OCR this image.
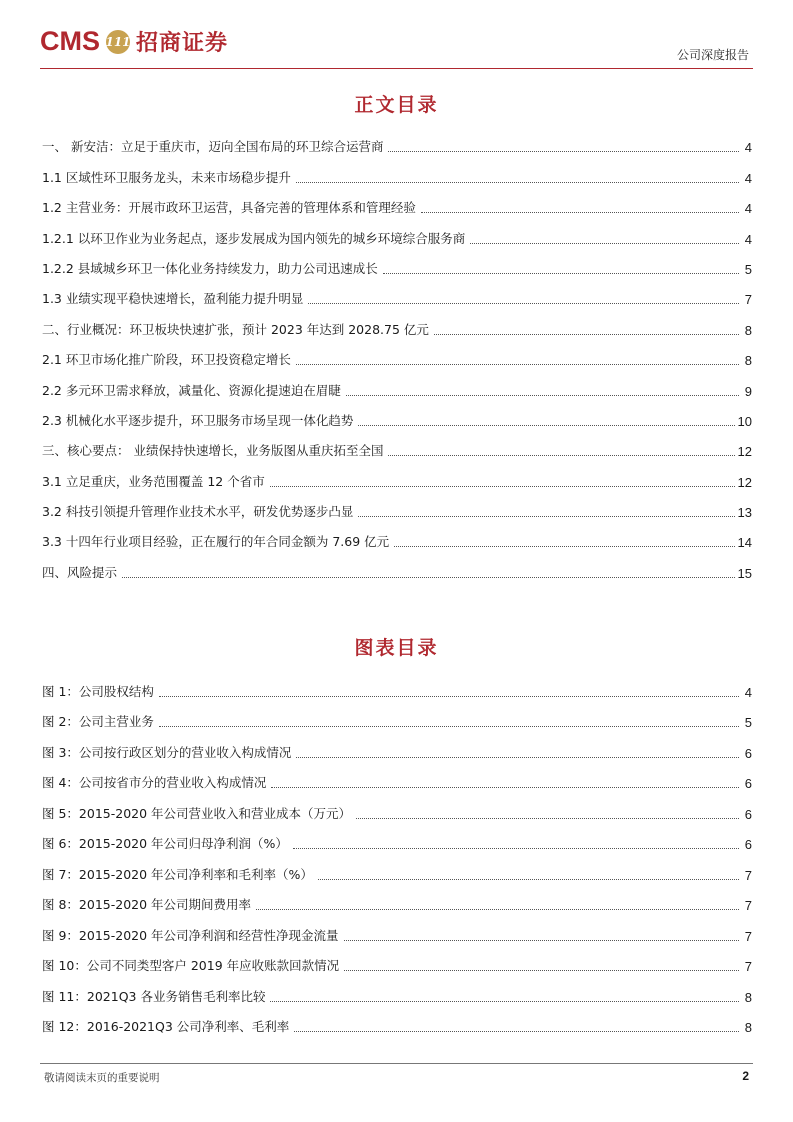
CMS 111 招商证券	公司深度报告
正文目录
一、 新安洁：立足于重庆市，迈向全国布局的环卫综合运营商	4
1.1 区域性环卫服务龙头，未来市场稳步提升	4
1.2 主营业务：开展市政环卫运营，具备完善的管理体系和管理经验	4
1.2.1 以环卫作业为业务起点，逐步发展成为国内领先的城乡环境综合服务商	4
1.2.2 县域城乡环卫一体化业务持续发力，助力公司迅速成长	5
1.3 业绩实现平稳快速增长，盈利能力提升明显	7
二、行业概况：环卫板块快速扩张，预计 2023 年达到 2028.75 亿元	8
2.1 环卫市场化推广阶段，环卫投资稳定增长	8
2.2 多元环卫需求释放，减量化、资源化提速迫在眉睫	9
2.3 机械化水平逐步提升，环卫服务市场呈现一体化趋势	10
三、核心要点： 业绩保持快速增长，业务版图从重庆拓至全国	12
3.1 立足重庆，业务范围覆盖 12 个省市	12
3.2 科技引领提升管理作业技术水平，研发优势逐步凸显	13
3.3 十四年行业项目经验，正在履行的年合同金额为 7.69 亿元	14
四、风险提示	15
图表目录
图 1：公司股权结构	4
图 2：公司主营业务	5
图 3：公司按行政区划分的营业收入构成情况	6
图 4：公司按省市分的营业收入构成情况	6
图 5：2015-2020 年公司营业收入和营业成本（万元）	6
图 6：2015-2020 年公司归母净利润（%）	6
图 7：2015-2020 年公司净利率和毛利率（%）	7
图 8：2015-2020 年公司期间费用率	7
图 9：2015-2020 年公司净利润和经营性净现金流量	7
图 10：公司不同类型客户 2019 年应收账款回款情况	7
图 11：2021Q3 各业务销售毛利率比较	8
图 12：2016-2021Q3 公司净利率、毛利率	8
敬请阅读末页的重要说明	2
